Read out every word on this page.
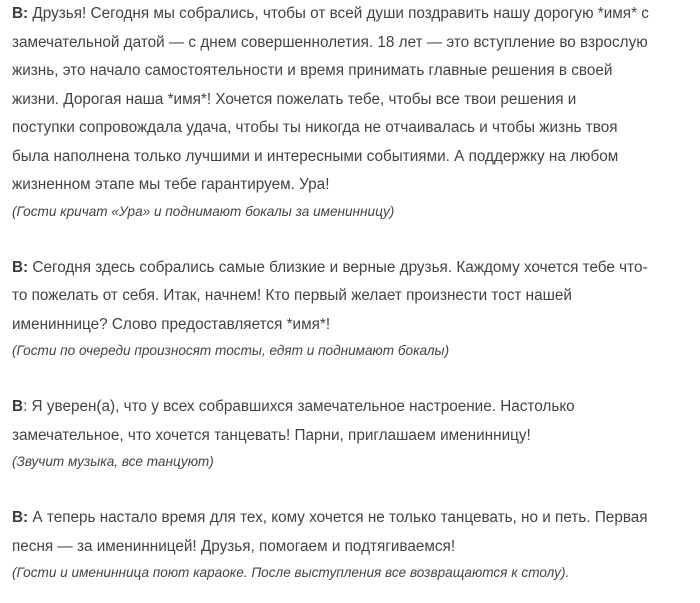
В: Друзья! Сегодня мы собрались, чтобы от всей души поздравить нашу дорогую *имя* с
замечательной датой — с днем совершеннолетия. 18 лет — это вступление во взрослую
жизнь, это начало самостоятельности и время принимать главные решения в своей
жизни. Дорогая наша *имя*! Хочется пожелать тебе, чтобы все твои решения и
поступки сопровождала удача, чтобы ты никогда не отчаивалась и чтобы жизнь твоя
была наполнена только лучшими и интересными событиями. А поддержку на любом
жизненном этапе мы тебе гарантируем. Ура!
(Гости кричат «Ура» и поднимают бокалы за именинницу)
В: Сегодня здесь собрались самые близкие и верные друзья. Каждому хочется тебе что-
то пожелать от себя. Итак, начнем! Кто первый желает произнести тост нашей
имениннице? Слово предоставляется *имя*!
(Гости по очереди произносят тосты, едят и поднимают бокалы)
В: Я уверен(а), что у всех собравшихся замечательное настроение. Настолько
замечательное, что хочется танцевать! Парни, приглашаем именинницу!
(Звучит музыка, все танцуют)
В: А теперь настало время для тех, кому хочется не только танцевать, но и петь. Первая
песня — за именинницей! Друзья, помогаем и подтягиваемся!
(Гости и именинница поют караоке. После выступления все возвращаются к столу).
